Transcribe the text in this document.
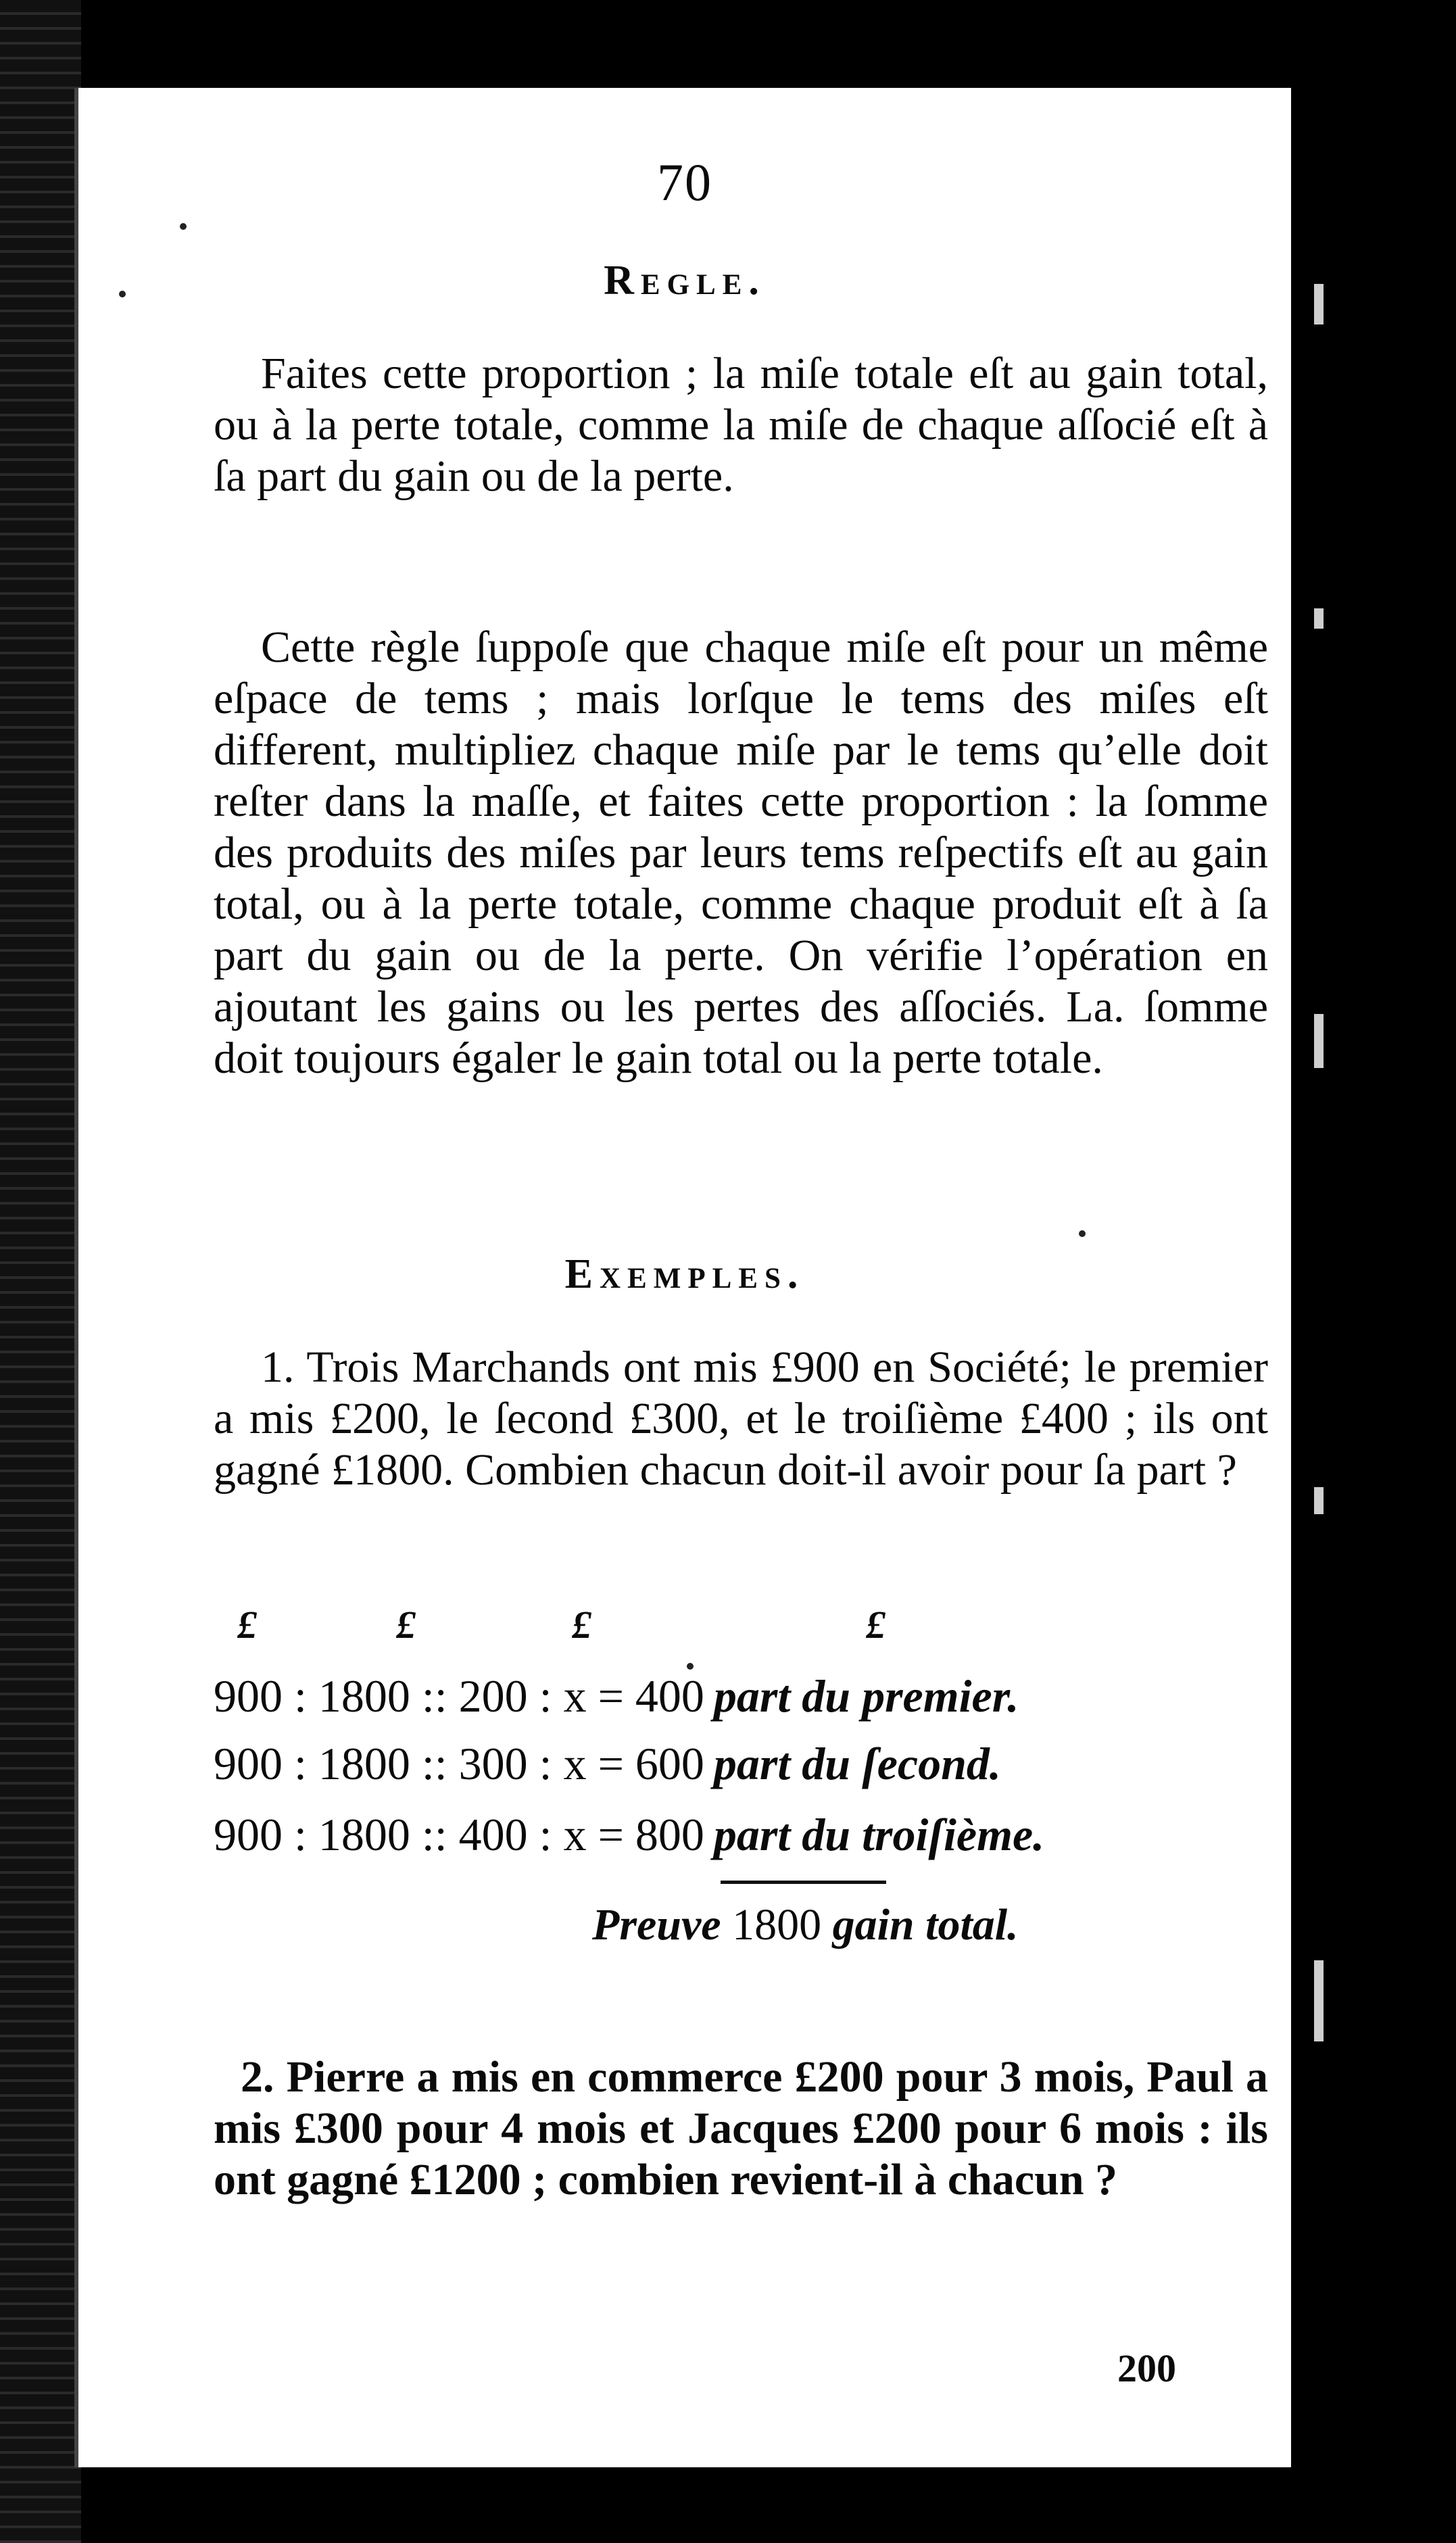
70
Regle.

Faites cette proportion ; la miſe totale eſt au gain total, ou à la perte totale, comme la miſe de chaque aſſocié eſt à ſa part du gain ou de la perte.

Cette règle ſuppoſe que chaque miſe eſt pour un même eſpace de tems ; mais lorſque le tems des miſes eſt different, multipliez chaque miſe par le tems qu’elle doit reſter dans la maſſe, et faites cette proportion : la ſomme des produits des miſes par leurs tems reſpectifs eſt au gain total, ou à la perte totale, comme chaque produit eſt à ſa part du gain ou de la perte. On vérifie l’opération en ajoutant les gains ou les pertes des aſſociés. La. ſomme doit toujours égaler le gain total ou la perte totale.

Exemples.

1. Trois Marchands ont mis £900 en Société; le premier a mis £200, le ſecond £300, et le troiſième £400 ; ils ont gagné £1800. Combien chacun doit-il avoir pour ſa part ?

£	£	£	£
900 : 1800 :: 200 : x = 400 part du premier.
900 : 1800 :: 300 : x = 600 part du ſecond.
900 : 1800 :: 400 : x = 800 part du troiſième.
Preuve 1800 gain total.

2. Pierre a mis en commerce £200 pour 3 mois, Paul a mis £300 pour 4 mois et Jacques £200 pour 6 mois : ils ont gagné £1200 ; combien revient-il à chacun ?

200
